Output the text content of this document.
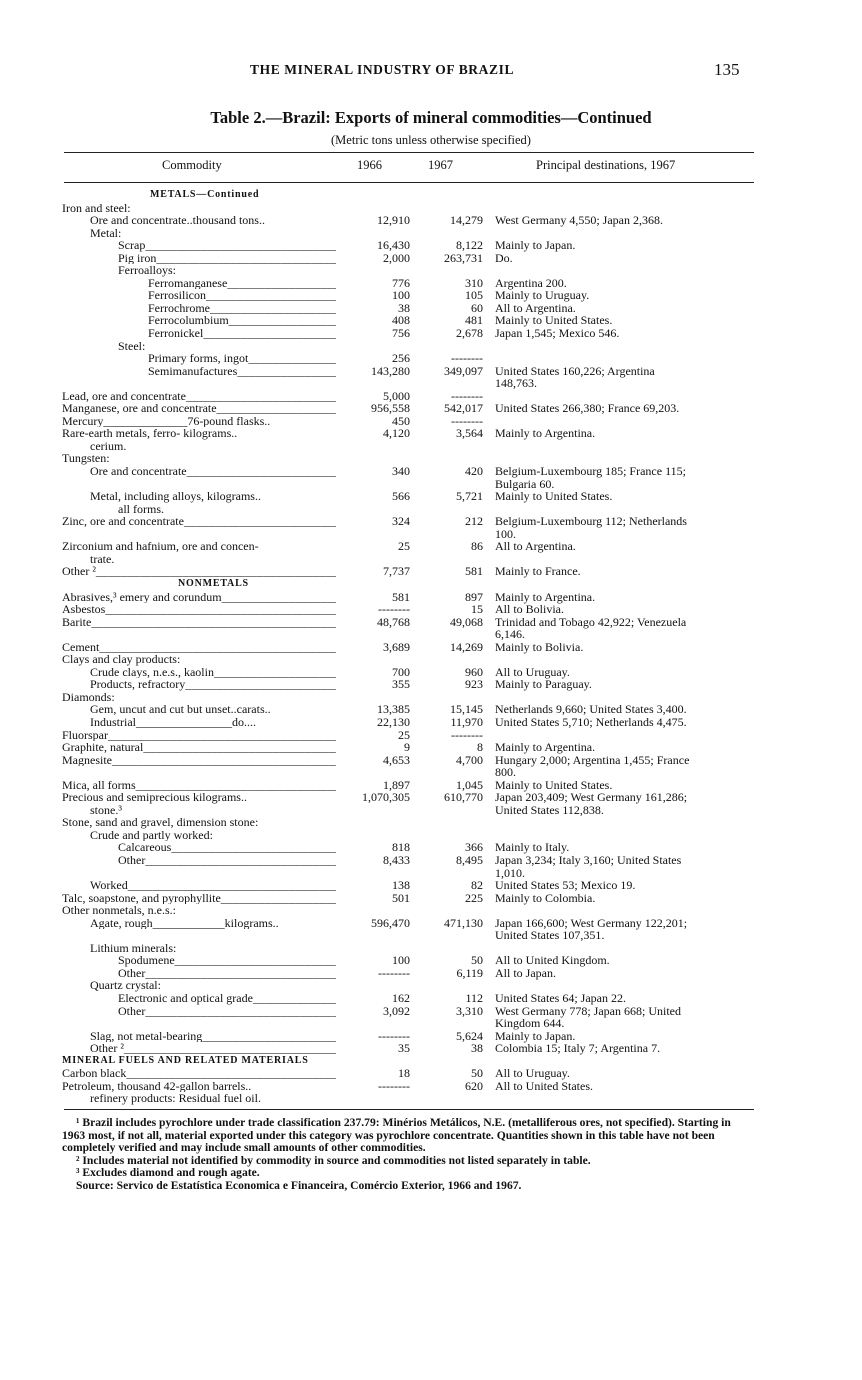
THE MINERAL INDUSTRY OF BRAZIL	135
Table 2.—Brazil: Exports of mineral commodities—Continued
(Metric tons unless otherwise specified)
Commodity	1966	1967	Principal destinations, 1967
METALS—Continued
Iron and steel:
Ore and concentrate..thousand tons..	12,910	14,279 West Germany 4,550; Japan 2,368.
Metal:
Scrap _____	16,430	8,122 Mainly to Japan.
Pig iron _____	2,000	263,731 Do.
Ferroalloys:
Ferromanganese _____	776	310 Argentina 200.
Ferrosilicon _____	100	105 Mainly to Uruguay.
Ferrochrome _____	38	60 All to Argentina.
Ferrocolumbium _____	408	481 Mainly to United States.
Ferronickel _____	756	2,678 Japan 1,545; Mexico 546.
Steel:
Primary forms, ingot _____	256	--------
Semimanufactures _____	143,280	349,097 United States 160,226; Argentina
148,763.
Lead, ore and concentrate _____	5,000	--------
Manganese, ore and concentrate _____	956,558	542,017 United States 266,380; France 69,203.
Mercury______________76-pound flasks..	450	--------
Rare-earth metals, ferro- kilograms..	4,120	3,564 Mainly to Argentina.
cerium.
Tungsten:
Ore and concentrate _____	340	420 Belgium-Luxembourg 185; France 115;
Bulgaria 60.
Metal, including alloys, kilograms..	566	5,721 Mainly to United States.
all forms.
Zinc, ore and concentrate _____	324	212 Belgium-Luxembourg 112; Netherlands
100.
Zirconium and hafnium, ore and concen-	25	86 All to Argentina.
trate.
Other ² _____	7,737	581 Mainly to France.
NONMETALS
Abrasives,³ emery and corundum _____	581	897 Mainly to Argentina.
Asbestos _____	--------	15 All to Bolivia.
Barite _____	48,768	49,068 Trinidad and Tobago 42,922; Venezuela
6,146.
Cement _____	3,689	14,269 Mainly to Bolivia.
Clays and clay products:
Crude clays, n.e.s., kaolin _____	700	960 All to Uruguay.
Products, refractory _____	355	923 Mainly to Paraguay.
Diamonds:
Gem, uncut and cut but unset..carats..	13,385	15,145 Netherlands 9,660; United States 3,400.
Industrial________________do....	22,130	11,970 United States 5,710; Netherlands 4,475.
Fluorspar _____	25	--------
Graphite, natural _____	9	8 Mainly to Argentina.
Magnesite _____	4,653	4,700 Hungary 2,000; Argentina 1,455; France
800.
Mica, all forms _____	1,897	1,045 Mainly to United States.
Precious and semiprecious kilograms..	1,070,305	610,770 Japan 203,409; West Germany 161,286;
stone.³	United States 112,838.
Stone, sand and gravel, dimension stone:
Crude and partly worked:
Calcareous _____	818	366 Mainly to Italy.
Other _____	8,433	8,495 Japan 3,234; Italy 3,160; United States
1,010.
Worked _____	138	82 United States 53; Mexico 19.
Talc, soapstone, and pyrophyllite _____	501	225 Mainly to Colombia.
Other nonmetals, n.e.s.:
Agate, rough____________kilograms..	596,470	471,130 Japan 166,600; West Germany 122,201;
United States 107,351.
Lithium minerals:
Spodumene _____	100	50 All to United Kingdom.
Other _____	--------	6,119 All to Japan.
Quartz crystal:
Electronic and optical grade _____	162	112 United States 64; Japan 22.
Other _____	3,092	3,310 West Germany 778; Japan 668; United
Kingdom 644.
Slag, not metal-bearing _____	--------	5,624 Mainly to Japan.
Other ² _____	35	38 Colombia 15; Italy 7; Argentina 7.
MINERAL FUELS AND RELATED MATERIALS
Carbon black _____	18	50 All to Uruguay.
Petroleum, thousand 42-gallon barrels..	--------	620 All to United States.
refinery products: Residual fuel oil.

¹ Brazil includes pyrochlore under trade classification 237.79: Minérios Metálicos, N.E. (metalliferous ores, not specified). Starting in 1963 most, if not all, material exported under this category was pyrochlore concentrate. Quantities shown in this table have not been completely verified and may include small amounts of other commodities.

² Includes material not identified by commodity in source and commodities not listed separately in table.

³ Excludes diamond and rough agate.

Source: Servico de Estatística Economica e Financeira, Comércio Exterior, 1966 and 1967.
